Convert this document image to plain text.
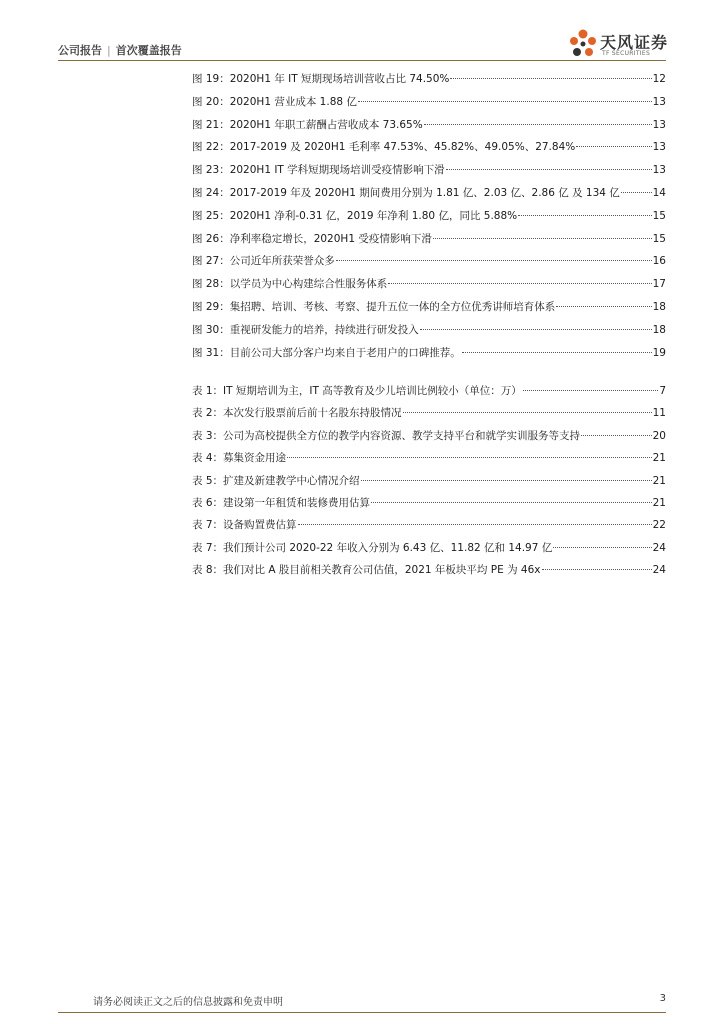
公司报告 | 首次覆盖报告	天风证券
TF SECURITIES
图 19：2020H1 年 IT 短期现场培训营收占比 74.50%	12
图 20：2020H1 营业成本 1.88 亿	13
图 21：2020H1 年职工薪酬占营收成本 73.65%	13
图 22：2017-2019 及 2020H1 毛利率 47.53%、45.82%、49.05%、27.84%	13
图 23：2020H1 IT 学科短期现场培训受疫情影响下滑	13
图 24：2017-2019 年及 2020H1 期间费用分别为 1.81 亿、2.03 亿、2.86 亿 及 134 亿	14
图 25：2020H1 净利-0.31 亿，2019 年净利 1.80 亿，同比 5.88%	15
图 26：净利率稳定增长，2020H1 受疫情影响下滑	15
图 27：公司近年所获荣誉众多	16
图 28：以学员为中心构建综合性服务体系	17
图 29：集招聘、培训、考核、考察、提升五位一体的全方位优秀讲师培育体系	18
图 30：重视研发能力的培养，持续进行研发投入	18
图 31：目前公司大部分客户均来自于老用户的口碑推荐。	19
表 1：IT 短期培训为主，IT 高等教育及少儿培训比例较小（单位：万）	7
表 2：本次发行股票前后前十名股东持股情况	11
表 3：公司为高校提供全方位的教学内容资源、教学支持平台和就学实训服务等支持	20
表 4：募集资金用途	21
表 5：扩建及新建教学中心情况介绍	21
表 6：建设第一年租赁和装修费用估算	21
表 7：设备购置费估算	22
表 7：我们预计公司 2020-22 年收入分别为 6.43 亿、11.82 亿和 14.97 亿	24
表 8：我们对比 A 股目前相关教育公司估值，2021 年板块平均 PE 为 46x	24
请务必阅读正文之后的信息披露和免责申明	3
